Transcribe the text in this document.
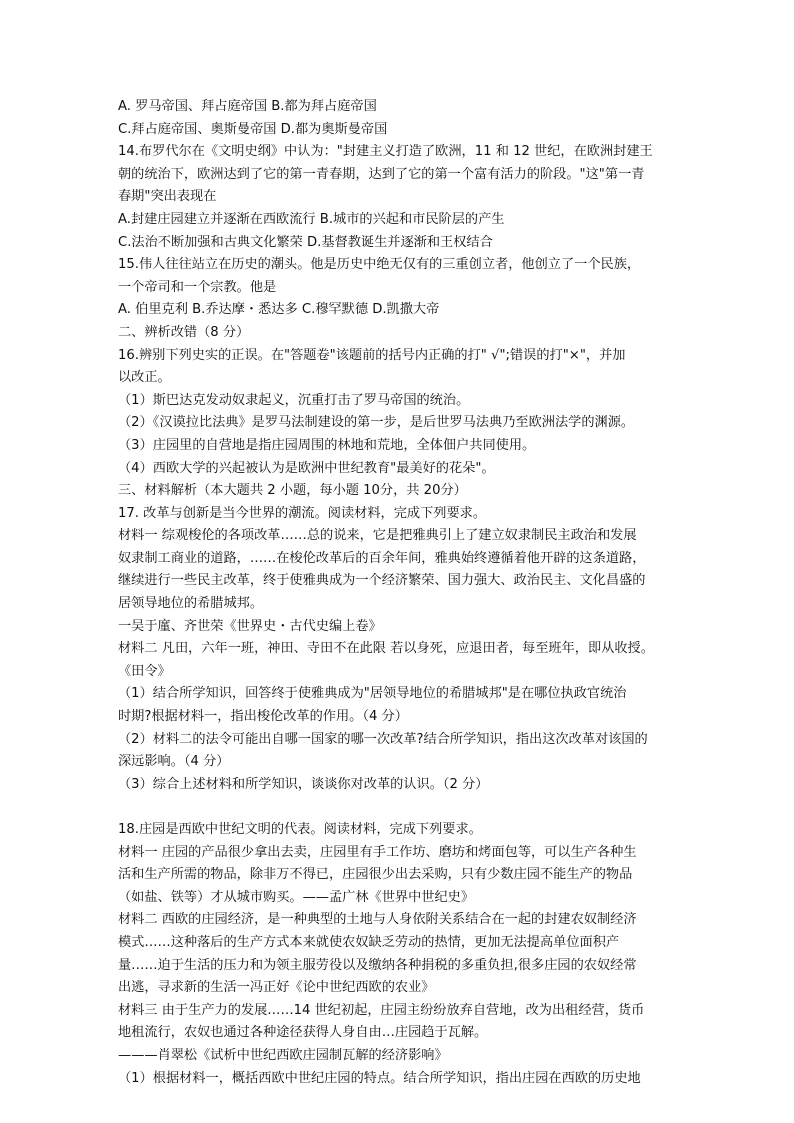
A. 罗马帝国、拜占庭帝国 B.都为拜占庭帝国
C.拜占庭帝国、奥斯曼帝国 D.都为奥斯曼帝国
14.布罗代尔在《文明史纲》中认为："封建主义打造了欧洲，11 和 12 世纪，在欧洲封建王
朝的统治下，欧洲达到了它的第一青春期，达到了它的第一个富有活力的阶段。"这"第一青
春期"突出表现在
A.封建庄园建立并逐渐在西欧流行 B.城市的兴起和市民阶层的产生
C.法治不断加强和古典文化繁荣 D.基督教诞生并逐渐和王权结合
15.伟人往往站立在历史的潮头。他是历史中绝无仅有的三重创立者，他创立了一个民族，
一个帝司和一个宗教。他是
A. 伯里克利 B.乔达摩・悉达多 C.穆罕默德 D.凯撒大帝
二、辨析改错（8 分）
16.辨别下列史实的正误。在"答题卷"该题前的括号内正确的打" √";错误的打"×"，并加
以改正。
（1）斯巴达克发动奴隶起义，沉重打击了罗马帝国的统治。
（2）《汉谟拉比法典》是罗马法制建设的第一步，是后世罗马法典乃至欧洲法学的渊源。
（3）庄园里的自营地是指庄园周围的林地和荒地，全体佃户共同使用。
（4）西欧大学的兴起被认为是欧洲中世纪教育"最美好的花朵"。
三、材料解析（本大题共 2 小题，每小题 10分，共 20分）
17. 改革与创新是当今世界的潮流。阅读材料，完成下列要求。
材料一 综观梭伦的各项改革……总的说来，它是把雅典引上了建立奴隶制民主政治和发展
奴隶制工商业的道路，……在梭伦改革后的百余年间，雅典始终遵循着他开辟的这条道路，
继续进行一些民主改革，终于使雅典成为一个经济繁荣、国力强大、政治民主、文化昌盛的
居领导地位的希腊城邦。
一吴于廑、齐世荣《世界史・古代史编上卷》
材料二 凡田，六年一班，神田、寺田不在此限 若以身死，应退田者，每至班年，即从收授。
《田令》
（1）结合所学知识，回答终于使雅典成为"居领导地位的希腊城邦"是在哪位执政官统治
时期?根据材料一，指出梭伦改革的作用。（4 分）
（2）材料二的法令可能出自哪一国家的哪一次改革?结合所学知识，指出这次改革对该国的
深远影响。（4 分）
（3）综合上述材料和所学知识，谈谈你对改革的认识。（2 分）
18.庄园是西欧中世纪文明的代表。阅读材料，完成下列要求。
材料一 庄园的产品很少拿出去卖，庄园里有手工作坊、磨坊和烤面包等，可以生产各种生
活和生产所需的物品，除非万不得已，庄园很少出去采购，只有少数庄园不能生产的物品
（如盐、铁等）才从城市购买。——孟广林《世界中世纪史》
材料二 西欧的庄园经济，是一种典型的土地与人身依附关系结合在一起的封建农奴制经济
模式……这种落后的生产方式本来就使农奴缺乏劳动的热情，更加无法提高单位面积产
量……迫于生活的压力和为领主服劳役以及缴纳各种捐税的多重负担,很多庄园的农奴经常
出逃，寻求新的生活一冯正好《论中世纪西欧的农业》
材料三 由于生产力的发展……14 世纪初起，庄园主纷纷放弃自营地，改为出租经营，货币
地租流行，农奴也通过各种途径获得人身自由…庄园趋于瓦解。
———肖翠松《试析中世纪西欧庄园制瓦解的经济影响》
（1）根据材料一，概括西欧中世纪庄园的特点。结合所学知识，指出庄园在西欧的历史地
